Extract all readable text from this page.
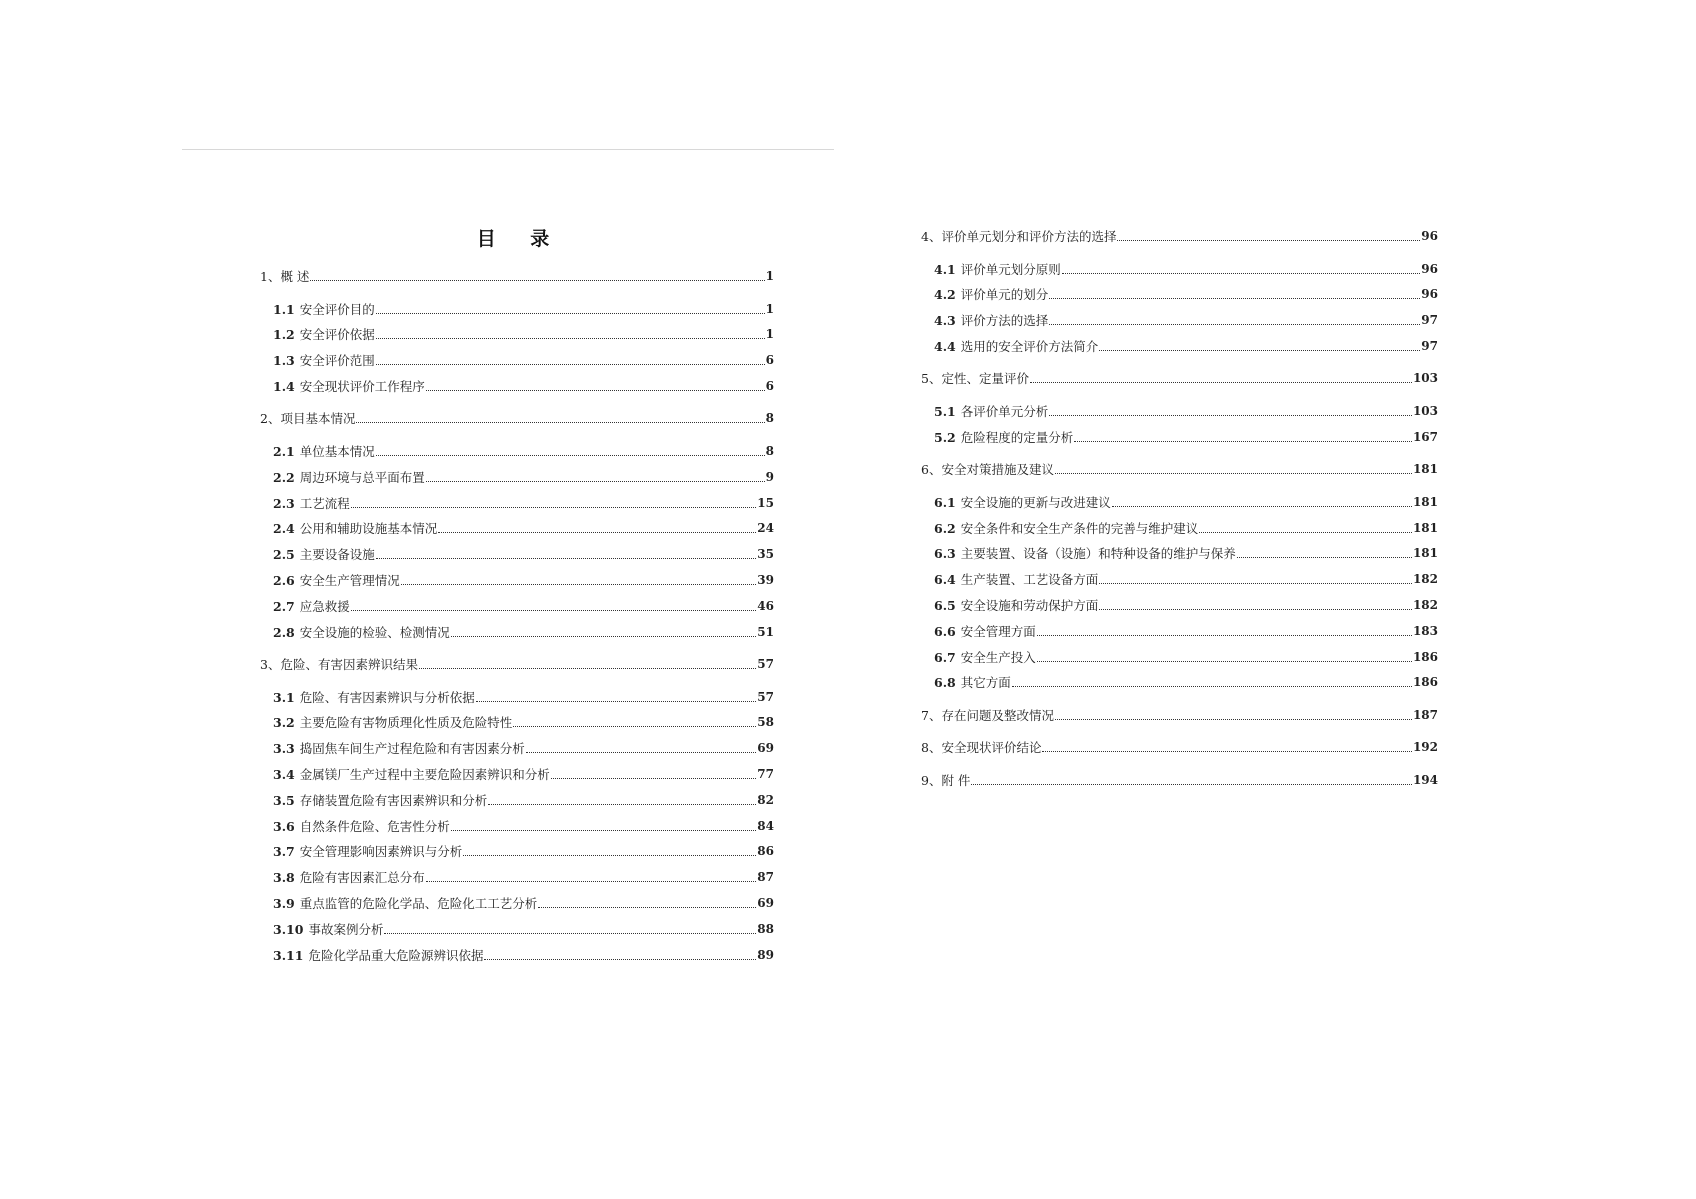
目 录
1、概 述	1
1.1 安全评价目的	1
1.2 安全评价依据	1
1.3 安全评价范围	6
1.4 安全现状评价工作程序	6
2、项目基本情况	8
2.1 单位基本情况	8
2.2 周边环境与总平面布置	9
2.3 工艺流程	15
2.4 公用和辅助设施基本情况	24
2.5 主要设备设施	35
2.6 安全生产管理情况	39
2.7 应急救援	46
2.8 安全设施的检验、检测情况	51
3、危险、有害因素辨识结果	57
3.1 危险、有害因素辨识与分析依据	57
3.2 主要危险有害物质理化性质及危险特性	58
3.3 捣固焦车间生产过程危险和有害因素分析	69
3.4 金属镁厂生产过程中主要危险因素辨识和分析	77
3.5 存储装置危险有害因素辨识和分析	82
3.6 自然条件危险、危害性分析	84
3.7 安全管理影响因素辨识与分析	86
3.8 危险有害因素汇总分布	87
3.9 重点监管的危险化学品、危险化工工艺分析	69
3.10 事故案例分析	88
3.11 危险化学品重大危险源辨识依据	89
4、评价单元划分和评价方法的选择	96
4.1 评价单元划分原则	96
4.2 评价单元的划分	96
4.3 评价方法的选择	97
4.4 选用的安全评价方法简介	97
5、定性、定量评价	103
5.1 各评价单元分析	103
5.2 危险程度的定量分析	167
6、安全对策措施及建议	181
6.1 安全设施的更新与改进建议	181
6.2 安全条件和安全生产条件的完善与维护建议	181
6.3 主要装置、设备（设施）和特种设备的维护与保养	181
6.4 生产装置、工艺设备方面	182
6.5 安全设施和劳动保护方面	182
6.6 安全管理方面	183
6.7 安全生产投入	186
6.8 其它方面	186
7、存在问题及整改情况	187
8、安全现状评价结论	192
9、附 件	194
